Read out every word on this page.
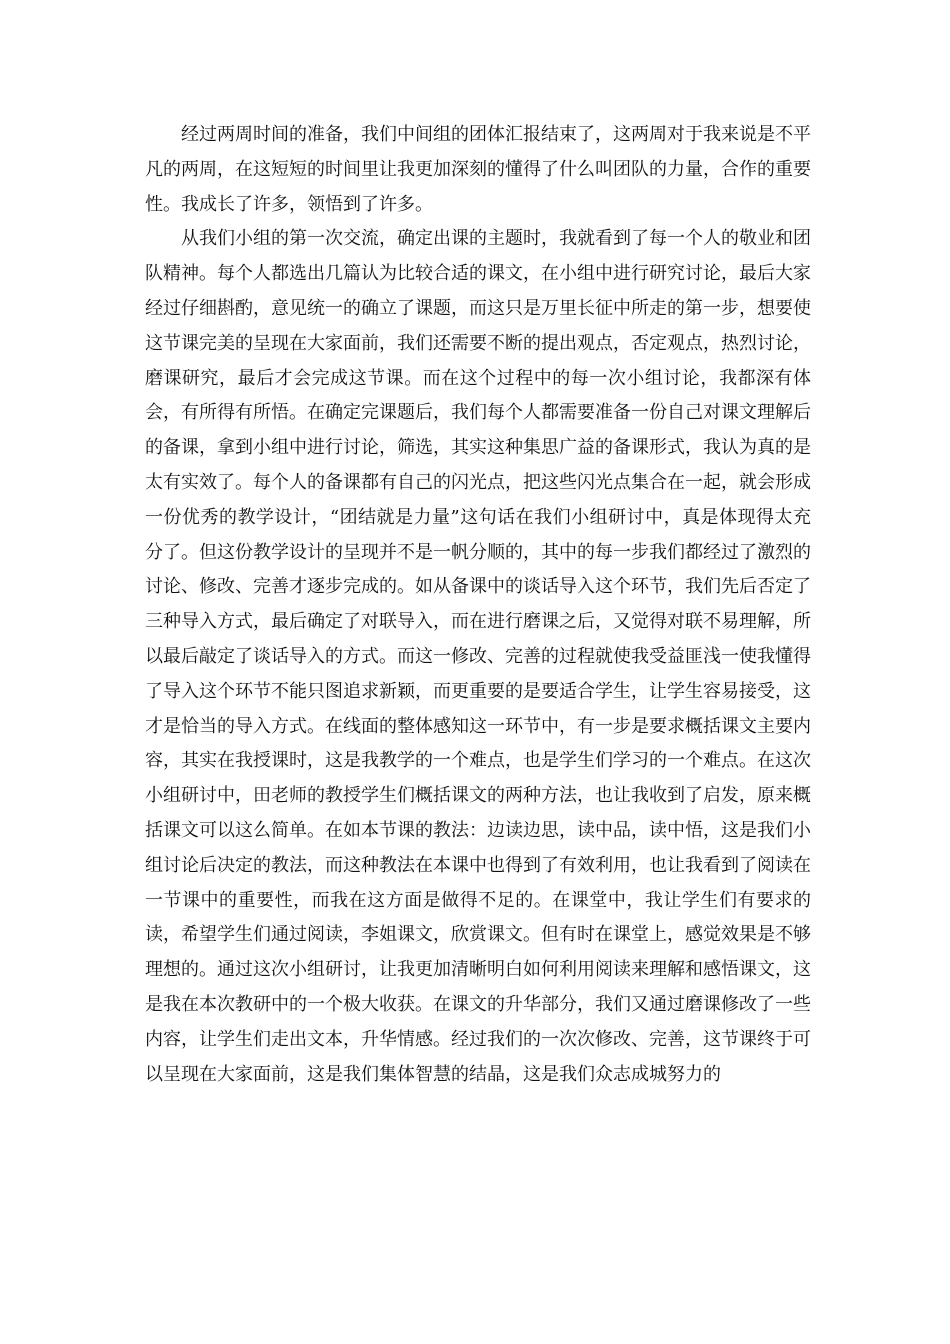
经过两周时间的准备，我们中间组的团体汇报结束了，这两周对于我来说是不平凡的两周，在这短短的时间里让我更加深刻的懂得了什么叫团队的力量，合作的重要性。我成长了许多，领悟到了许多。

从我们小组的第一次交流，确定出课的主题时，我就看到了每一个人的敬业和团队精神。每个人都选出几篇认为比较合适的课文，在小组中进行研究讨论，最后大家经过仔细斟酌，意见统一的确立了课题，而这只是万里长征中所走的第一步，想要使这节课完美的呈现在大家面前，我们还需要不断的提出观点，否定观点，热烈讨论，磨课研究，最后才会完成这节课。而在这个过程中的每一次小组讨论，我都深有体会，有所得有所悟。在确定完课题后，我们每个人都需要准备一份自己对课文理解后的备课，拿到小组中进行讨论，筛选，其实这种集思广益的备课形式，我认为真的是太有实效了。每个人的备课都有自己的闪光点，把这些闪光点集合在一起，就会形成一份优秀的教学设计，“团结就是力量”这句话在我们小组研讨中，真是体现得太充分了。但这份教学设计的呈现并不是一帆分顺的，其中的每一步我们都经过了激烈的讨论、修改、完善才逐步完成的。如从备课中的谈话导入这个环节，我们先后否定了三种导入方式，最后确定了对联导入，而在进行磨课之后，又觉得对联不易理解，所以最后敲定了谈话导入的方式。而这一修改、完善的过程就使我受益匪浅一使我懂得了导入这个环节不能只图追求新颖，而更重要的是要适合学生，让学生容易接受，这才是恰当的导入方式。在线面的整体感知这一环节中，有一步是要求概括课文主要内容，其实在我授课时，这是我教学的一个难点，也是学生们学习的一个难点。在这次小组研讨中，田老师的教授学生们概括课文的两种方法，也让我收到了启发，原来概括课文可以这么简单。在如本节课的教法：边读边思，读中品，读中悟，这是我们小组讨论后决定的教法，而这种教法在本课中也得到了有效利用，也让我看到了阅读在一节课中的重要性，而我在这方面是做得不足的。在课堂中，我让学生们有要求的读，希望学生们通过阅读，李姐课文，欣赏课文。但有时在课堂上，感觉效果是不够理想的。通过这次小组研讨，让我更加清晰明白如何利用阅读来理解和感悟课文，这是我在本次教研中的一个极大收获。在课文的升华部分，我们又通过磨课修改了一些内容，让学生们走出文本，升华情感。经过我们的一次次修改、完善，这节课终于可以呈现在大家面前，这是我们集体智慧的结晶，这是我们众志成城努力的
